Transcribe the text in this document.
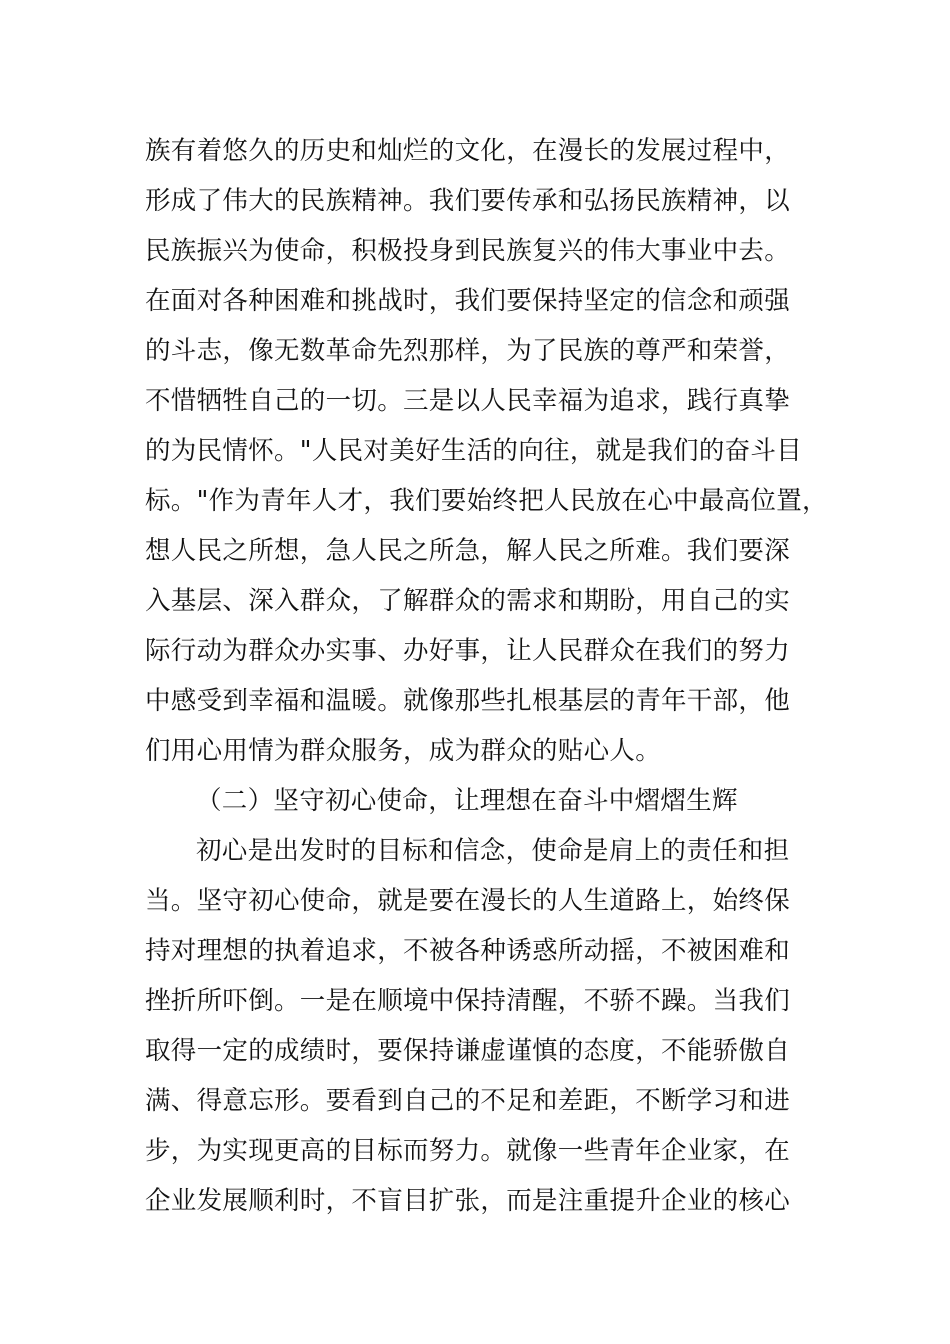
族有着悠久的历史和灿烂的文化，在漫长的发展过程中，
形成了伟大的民族精神。我们要传承和弘扬民族精神，以
民族振兴为使命，积极投身到民族复兴的伟大事业中去。
在面对各种困难和挑战时，我们要保持坚定的信念和顽强
的斗志，像无数革命先烈那样，为了民族的尊严和荣誉，
不惜牺牲自己的一切。三是以人民幸福为追求，践行真挚
的为民情怀。"人民对美好生活的向往，就是我们的奋斗目
标。"作为青年人才，我们要始终把人民放在心中最高位置，
想人民之所想，急人民之所急，解人民之所难。我们要深
入基层、深入群众，了解群众的需求和期盼，用自己的实
际行动为群众办实事、办好事，让人民群众在我们的努力
中感受到幸福和温暖。就像那些扎根基层的青年干部，他
们用心用情为群众服务，成为群众的贴心人。
（二）坚守初心使命，让理想在奋斗中熠熠生辉
初心是出发时的目标和信念，使命是肩上的责任和担
当。坚守初心使命，就是要在漫长的人生道路上，始终保
持对理想的执着追求，不被各种诱惑所动摇，不被困难和
挫折所吓倒。一是在顺境中保持清醒，不骄不躁。当我们
取得一定的成绩时，要保持谦虚谨慎的态度，不能骄傲自
满、得意忘形。要看到自己的不足和差距，不断学习和进
步，为实现更高的目标而努力。就像一些青年企业家，在
企业发展顺利时，不盲目扩张，而是注重提升企业的核心
